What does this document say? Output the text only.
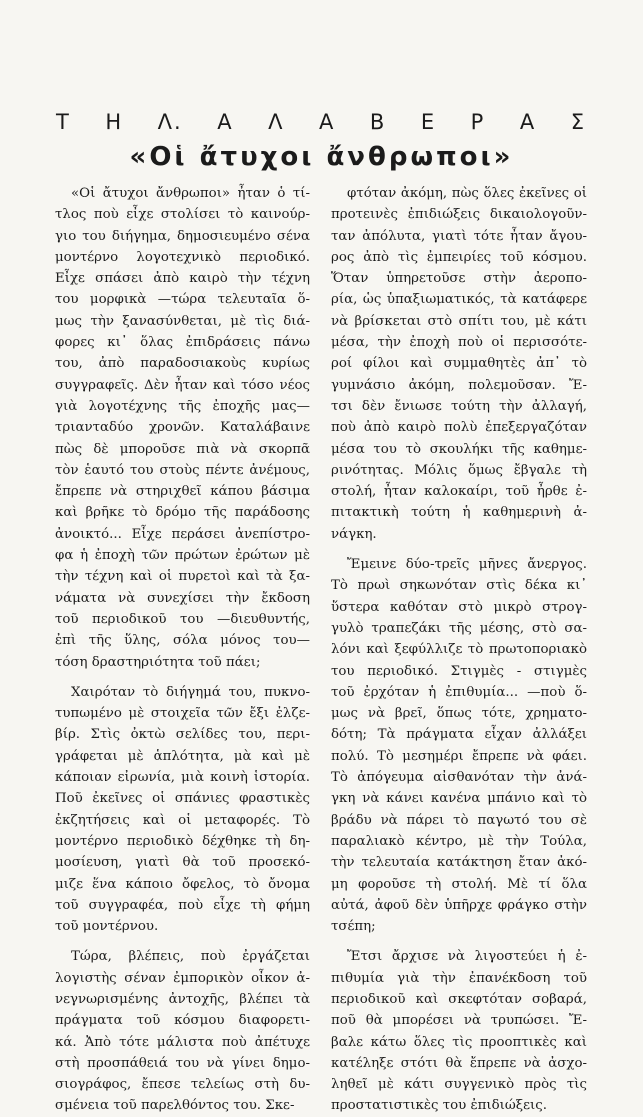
Τ Η Λ. Α Λ Α Β Ε Ρ Α Σ
«Οἱ ἄτυχοι ἄνθρωποι»
«Οἱ ἄτυχοι ἄνθρωποι» ἦταν ὁ τί-
τλος ποὺ εἶχε στολίσει τὸ καινούρ-
γιο του διήγημα, δημοσιευμένο σένα
μοντέρνο λογοτεχνικὸ περιοδικό.
Εἶχε σπάσει ἀπὸ καιρὸ τὴν τέχνη
του μορφικὰ —τώρα τελευταῖα ὅ-
μως τὴν ξανασύνθεται, μὲ τὶς διά-
φορες κι᾽ ὅλας ἐπιδράσεις πάνω
του, ἀπὸ παραδοσιακοὺς κυρίως
συγγραφεῖς. Δὲν ἦταν καὶ τόσο νέος
γιὰ λογοτέχνης τῆς ἐποχῆς μας—
τριανταδύο χρονῶν. Καταλάβαινε
πὼς δὲ μποροῦσε πιὰ νὰ σκορπᾶ
τὸν ἑαυτό του στοὺς πέντε ἀνέμους,
ἔπρεπε νὰ στηριχθεῖ κάπου βάσιμα
καὶ βρῆκε τὸ δρόμο τῆς παράδοσης
ἀνοικτό... Εἶχε περάσει ἀνεπίστρο-
φα ἡ ἐποχὴ τῶν πρώτων ἐρώτων μὲ
τὴν τέχνη καὶ οἱ πυρετοὶ καὶ τὰ ξα-
νάματα νὰ συνεχίσει τὴν ἔκδοση
τοῦ περιοδικοῦ του —διευθυντής,
ἐπὶ τῆς ὕλης, σόλα μόνος του—
τόση δραστηριότητα τοῦ πάει;
Χαιρόταν τὸ διήγημά του, πυκνο-
τυπωμένο μὲ στοιχεῖα τῶν ἔξι ἐλζε-
βίρ. Στὶς ὀκτὼ σελίδες του, περι-
γράφεται μὲ ἁπλότητα, μὰ καὶ μὲ
κάποιαν εἰρωνία, μιὰ κοινὴ ἱστορία.
Ποῦ ἐκεῖνες οἱ σπάνιες φραστικὲς
ἐκζητήσεις καὶ οἱ μεταφορές. Τὸ
μοντέρνο περιοδικὸ δέχθηκε τὴ δη-
μοσίευση, γιατὶ θὰ τοῦ προσεκό-
μιζε ἕνα κάποιο ὄφελος, τὸ ὄνομα
τοῦ συγγραφέα, ποὺ εἶχε τὴ φήμη
τοῦ μοντέρνου.
Τώρα, βλέπεις, ποὺ ἐργάζεται
λογιστὴς σέναν ἐμπορικὸν οἶκον ἀ-
νεγνωρισμένης ἀντοχῆς, βλέπει τὰ
πράγματα τοῦ κόσμου διαφορετι-
κά. Ἀπὸ τότε μάλιστα ποὺ ἀπέτυχε
στὴ προσπάθειά του νὰ γίνει δημο-
σιογράφος, ἔπεσε τελείως στὴ δυ-
σμένεια τοῦ παρελθόντος του. Σκε-
φτόταν ἀκόμη, πὼς ὅλες ἐκεῖνες οἱ
προτεινὲς ἐπιδιώξεις δικαιολογοῦν-
ταν ἀπόλυτα, γιατὶ τότε ἦταν ἄγου-
ρος ἀπὸ τὶς ἐμπειρίες τοῦ κόσμου.
Ὅταν ὑπηρετοῦσε στὴν ἀεροπο-
ρία, ὡς ὑπαξιωματικός, τὰ κατάφερε
νὰ βρίσκεται στὸ σπίτι του, μὲ κάτι
μέσα, τὴν ἐποχὴ ποὺ οἱ περισσότε-
ροί φίλοι καὶ συμμαθητὲς ἀπ᾽ τὸ
γυμνάσιο ἀκόμη, πολεμοῦσαν. Ἔ-
τσι δὲν ἔνιωσε τούτη τὴν ἀλλαγή,
ποὺ ἀπὸ καιρὸ πολὺ ἐπεξεργαζόταν
μέσα του τὸ σκουλήκι τῆς καθημε-
ρινότητας. Μόλις ὅμως ἔβγαλε τὴ
στολή, ἦταν καλοκαίρι, τοῦ ἦρθε ἐ-
πιτακτικὴ τούτη ἡ καθημερινὴ ἀ-
νάγκη.
Ἔμεινε δύο-τρεῖς μῆνες ἄνεργος.
Τὸ πρωὶ σηκωνόταν στὶς δέκα κι᾽
ὕστερα καθόταν στὸ μικρὸ στρογ-
γυλὸ τραπεζάκι τῆς μέσης, στὸ σα-
λόνι καὶ ξεφύλλιζε τὸ πρωτοποριακὸ
του περιοδικό. Στιγμὲς - στιγμὲς
τοῦ ἐρχόταν ἡ ἐπιθυμία... —ποὺ ὅ-
μως νὰ βρεῖ, ὅπως τότε, χρηματο-
δότη; Τὰ πράγματα εἶχαν ἀλλάξει
πολύ. Τὸ μεσημέρι ἔπρεπε νὰ φάει.
Τὸ ἀπόγευμα αἰσθανόταν τὴν ἀνά-
γκη νὰ κάνει κανένα μπάνιο καὶ τὸ
βράδυ νὰ πάρει τὸ παγωτό του σὲ
παραλιακὸ κέντρο, μὲ τὴν Τούλα,
τὴν τελευταία κατάκτηση ἔταν ἀκό-
μη φοροῦσε τὴ στολή. Μὲ τί ὅλα
αὐτά, ἀφοῦ δὲν ὑπῆρχε φράγκο στὴν
τσέπη;
Ἔτσι ἄρχισε νὰ λιγοστεύει ἡ ἐ-
πιθυμία γιὰ τὴν ἐπανέκδοση τοῦ
περιοδικοῦ καὶ σκεφτόταν σοβαρά,
ποῦ θὰ μπορέσει νὰ τρυπώσει. Ἔ-
βαλε κάτω ὅλες τὶς προοπτικὲς καὶ
κατέληξε στότι θὰ ἔπρεπε νὰ ἀσχο-
ληθεῖ μὲ κάτι συγγενικὸ πρὸς τὶς
προστατιστικὲς του ἐπιδιώξεις.
